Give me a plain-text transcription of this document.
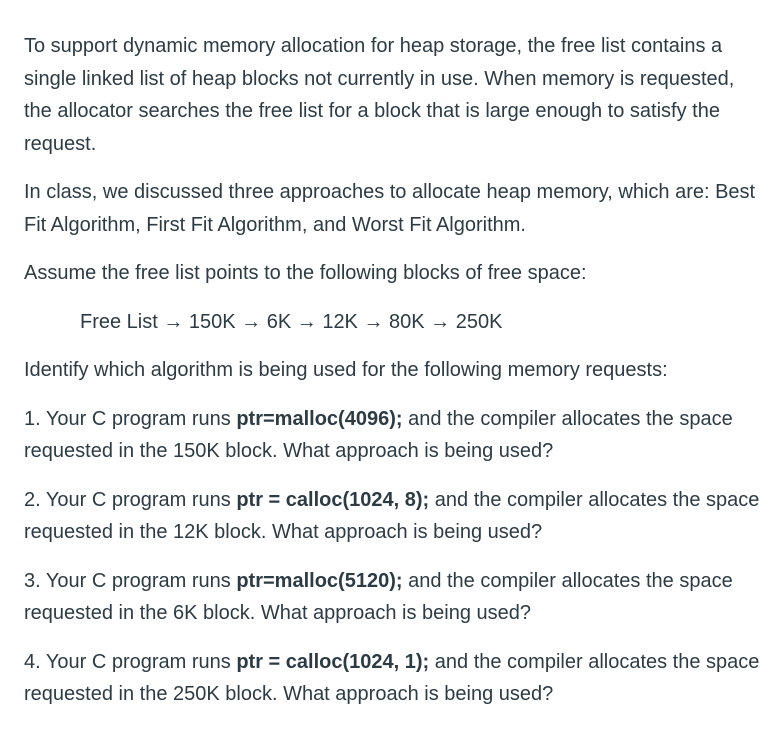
To support dynamic memory allocation for heap storage, the free list contains a single linked list of heap blocks not currently in use. When memory is requested, the allocator searches the free list for a block that is large enough to satisfy the request.

In class, we discussed three approaches to allocate heap memory, which are: Best Fit Algorithm, First Fit Algorithm, and Worst Fit Algorithm.

Assume the free list points to the following blocks of free space:

Free List → 150K → 6K → 12K → 80K → 250K

Identify which algorithm is being used for the following memory requests:

1. Your C program runs ptr=malloc(4096); and the compiler allocates the space requested in the 150K block. What approach is being used?

2. Your C program runs ptr = calloc(1024, 8); and the compiler allocates the space requested in the 12K block. What approach is being used?

3. Your C program runs ptr=malloc(5120); and the compiler allocates the space requested in the 6K block. What approach is being used?

4. Your C program runs ptr = calloc(1024, 1); and the compiler allocates the space requested in the 250K block. What approach is being used?
